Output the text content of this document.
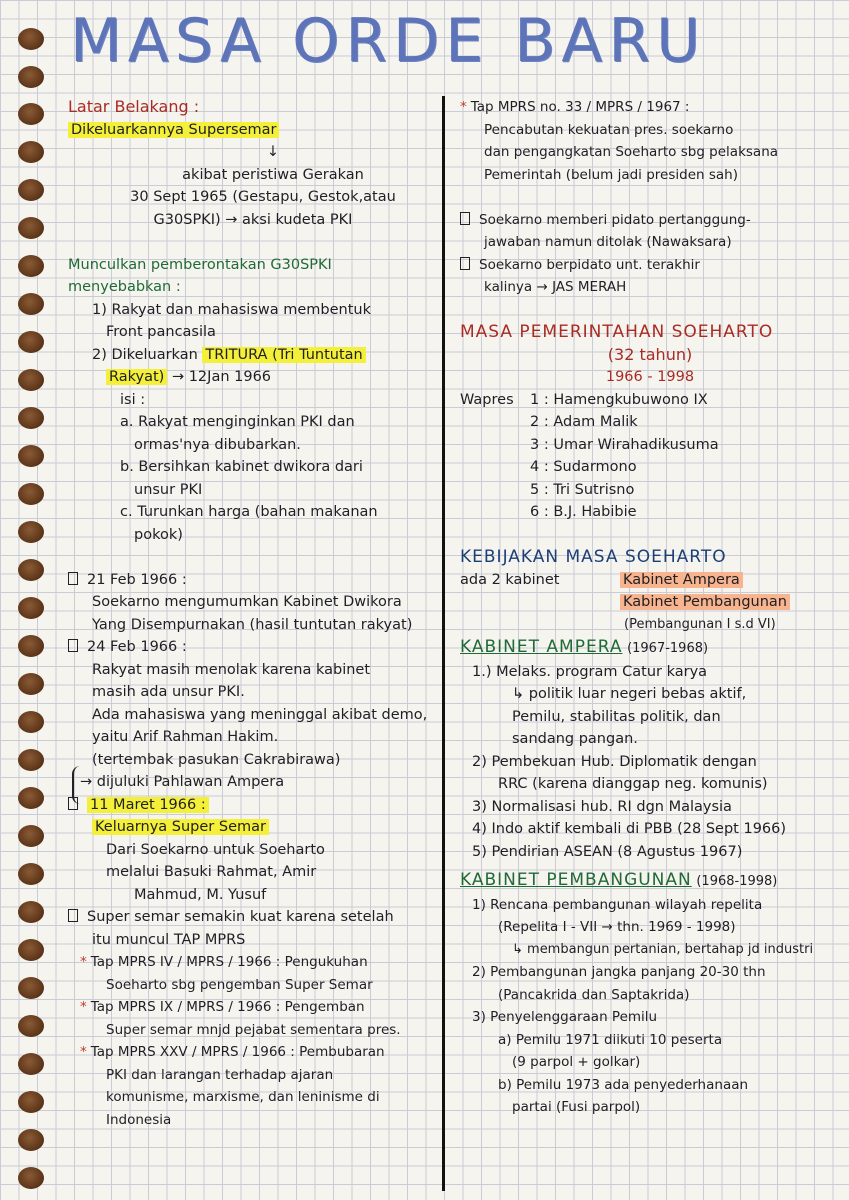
MASA ORDE BARU

Latar Belakang :

Dikeluarkannya Supersemar

↓

akibat peristiwa Gerakan

30 Sept 1965 (Gestapu, Gestok,atau

G30SPKI) → aksi kudeta PKI

Munculkan pemberontakan G30SPKI

menyebabkan :

1) Rakyat dan mahasiswa membentuk

Front pancasila

2) Dikeluarkan TRITURA (Tri Tuntutan

Rakyat) → 12Jan 1966

isi :

a. Rakyat menginginkan PKI dan

ormas'nya dibubarkan.

b. Bersihkan kabinet dwikora dari

unsur PKI

c. Turunkan harga (bahan makanan

pokok)

21 Feb 1966 :

Soekarno mengumumkan Kabinet Dwikora

Yang Disempurnakan (hasil tuntutan rakyat)

24 Feb 1966 :

Rakyat masih menolak karena kabinet

masih ada unsur PKI.

Ada mahasiswa yang meninggal akibat demo,

yaitu Arif Rahman Hakim.

(tertembak pasukan Cakrabirawa)

→ dijuluki Pahlawan Ampera

11 Maret 1966 :

Keluarnya Super Semar

Dari Soekarno untuk Soeharto

melalui Basuki Rahmat, Amir

Mahmud, M. Yusuf

Super semar semakin kuat karena setelah

itu muncul TAP MPRS

* Tap MPRS IV / MPRS / 1966 : Pengukuhan

Soeharto sbg pengemban Super Semar

* Tap MPRS IX / MPRS / 1966 : Pengemban

Super semar mnjd pejabat sementara pres.

* Tap MPRS XXV / MPRS / 1966 : Pembubaran

PKI dan larangan terhadap ajaran

komunisme, marxisme, dan leninisme di

Indonesia

* Tap MPRS no. 33 / MPRS / 1967 :

Pencabutan kekuatan pres. soekarno

dan pengangkatan Soeharto sbg pelaksana

Pemerintah (belum jadi presiden sah)

Soekarno memberi pidato pertanggung-

jawaban namun ditolak (Nawaksara)

Soekarno berpidato unt. terakhir

kalinya → JAS MERAH

MASA PEMERINTAHAN SOEHARTO

(32 tahun)

1966 - 1998

Wapres 1 : Hamengkubuwono IX

2 : Adam Malik

3 : Umar Wirahadikusuma

4 : Sudarmono

5 : Tri Sutrisno

6 : B.J. Habibie

KEBIJAKAN MASA SOEHARTO

ada 2 kabinet	Kabinet Ampera

Kabinet Pembangunan

(Pembangunan I s.d VI)

KABINET AMPERA (1967-1968)

1.) Melaks. program Catur karya

↳ politik luar negeri bebas aktif,

Pemilu, stabilitas politik, dan

sandang pangan.

2) Pembekuan Hub. Diplomatik dengan

RRC (karena dianggap neg. komunis)

3) Normalisasi hub. RI dgn Malaysia

4) Indo aktif kembali di PBB (28 Sept 1966)

5) Pendirian ASEAN (8 Agustus 1967)

KABINET PEMBANGUNAN (1968-1998)

1) Rencana pembangunan wilayah repelita

(Repelita I - VII → thn. 1969 - 1998)

↳ membangun pertanian, bertahap jd industri

2) Pembangunan jangka panjang 20-30 thn

(Pancakrida dan Saptakrida)

3) Penyelenggaraan Pemilu

a) Pemilu 1971 diikuti 10 peserta

(9 parpol + golkar)

b) Pemilu 1973 ada penyederhanaan

partai (Fusi parpol)
